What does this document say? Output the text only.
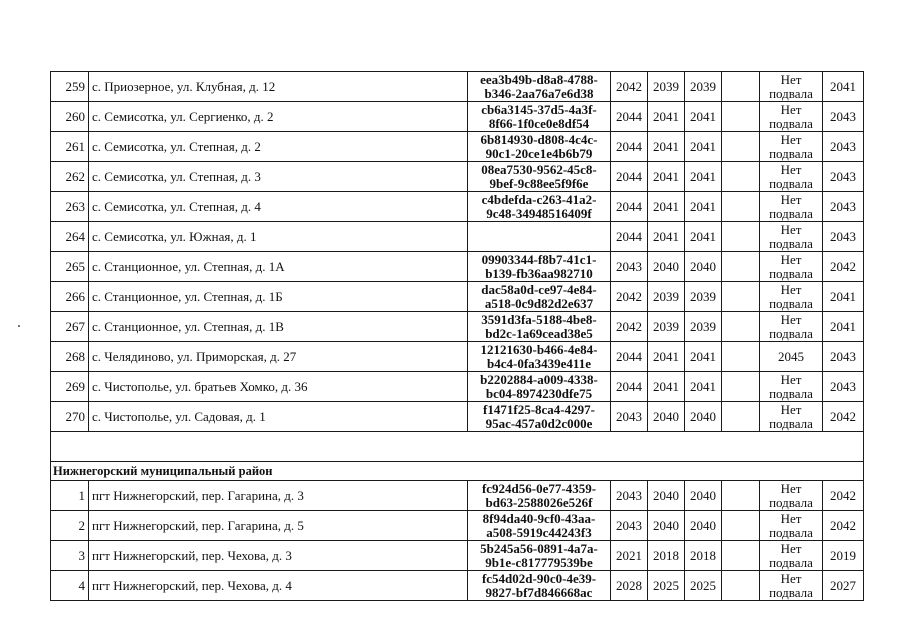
259	с. Приозерное, ул. Клубная, д. 12	eea3b49b-d8a8-4788-
b346-2aa76a7e6d38	2042	2039	2039		Нет
подвала	2041
260	с. Семисотка, ул. Сергиенко, д. 2	cb6a3145-37d5-4a3f-
8f66-1f0ce0e8df54	2044	2041	2041		Нет
подвала	2043
261	с. Семисотка, ул. Степная, д. 2	6b814930-d808-4c4c-
90c1-20ce1e4b6b79	2044	2041	2041		Нет
подвала	2043
262	с. Семисотка, ул. Степная, д. 3	08ea7530-9562-45c8-
9bef-9c88ee5f9f6e	2044	2041	2041		Нет
подвала	2043
263	с. Семисотка, ул. Степная, д. 4	c4bdefda-c263-41a2-
9c48-34948516409f	2044	2041	2041		Нет
подвала	2043
264	с. Семисотка, ул. Южная, д. 1		2044	2041	2041		Нет
подвала	2043
265	с. Станционное, ул. Степная, д. 1А	09903344-f8b7-41c1-
b139-fb36aa982710	2043	2040	2040		Нет
подвала	2042
266	с. Станционное, ул. Степная, д. 1Б	dac58a0d-ce97-4e84-
a518-0c9d82d2e637	2042	2039	2039		Нет
подвала	2041
267	с. Станционное, ул. Степная, д. 1В	3591d3fa-5188-4be8-
bd2c-1a69cead38e5	2042	2039	2039		Нет
подвала	2041
268	с. Челядиново, ул. Приморская, д. 27	12121630-b466-4e84-
b4c4-0fa3439e411e	2044	2041	2041		2045	2043
269	с. Чистополье, ул. братьев Хомко, д. 36	b2202884-a009-4338-
bc04-8974230dfe75	2044	2041	2041		Нет
подвала	2043
270	с. Чистополье, ул. Садовая, д. 1	f1471f25-8ca4-4297-
95ac-457a0d2c000e	2043	2040	2040		Нет
подвала	2042

Нижнегорский муниципальный район								
1	пгт Нижнегорский, пер. Гагарина, д. 3	fc924d56-0e77-4359-
bd63-2588026e526f	2043	2040	2040		Нет
подвала	2042
2	пгт Нижнегорский, пер. Гагарина, д. 5	8f94da40-9cf0-43aa-
a508-5919c44243f3	2043	2040	2040		Нет
подвала	2042
3	пгт Нижнегорский, пер. Чехова, д. 3	5b245a56-0891-4a7a-
9b1e-c817779539be	2021	2018	2018		Нет
подвала	2019
4	пгт Нижнегорский, пер. Чехова, д. 4	fc54d02d-90c0-4e39-
9827-bf7d846668ac	2028	2025	2025		Нет
подвала	2027
